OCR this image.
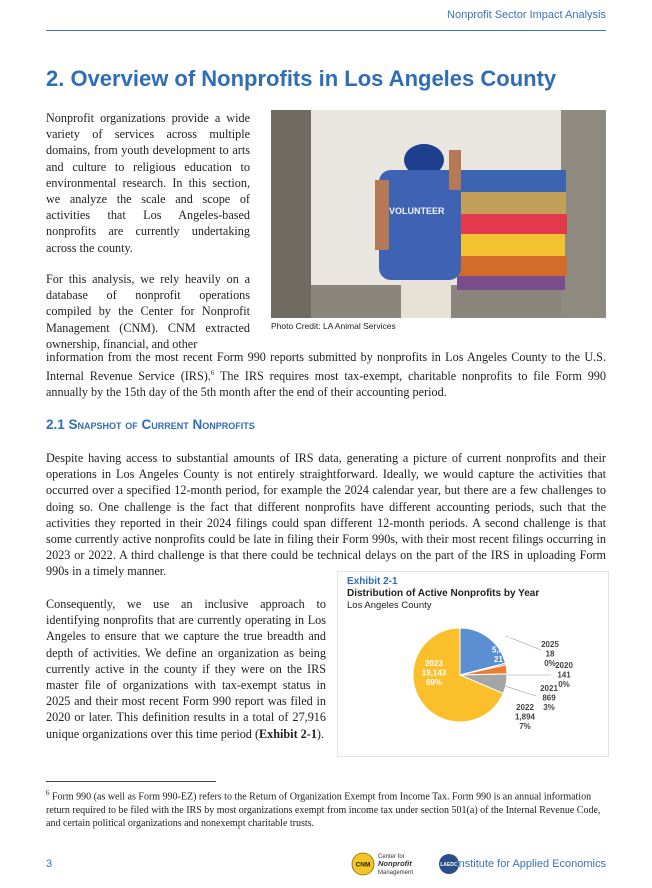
Nonprofit Sector Impact Analysis
2. Overview of Nonprofits in Los Angeles County

Nonprofit organizations provide a wide variety of services across multiple domains, from youth development to arts and culture to religious education to environmental research. In this section, we analyze the scale and scope of activities that Los Angeles-based nonprofits are currently undertaking across the county.

For this analysis, we rely heavily on a database of nonprofit operations compiled by the Center for Nonprofit Management (CNM). CNM extracted ownership, financial, and other

information from the most recent Form 990 reports submitted by nonprofits in Los Angeles County to the U.S. Internal Revenue Service (IRS).$^6$ The IRS requires most tax-exempt, charitable nonprofits to file Form 990 annually by the 15th day of the 5th month after the end of their accounting period.

VOLUNTEER
Photo Credit: LA Animal Services
2.1 Snapshot of Current Nonprofits

Despite having access to substantial amounts of IRS data, generating a picture of current nonprofits and their operations in Los Angeles County is not entirely straightforward. Ideally, we would capture the activities that occurred over a specified 12-month period, for example the 2024 calendar year, but there are a few challenges to doing so. One challenge is the fact that different nonprofits have different accounting periods, such that the activities they reported in their 2024 filings could span different 12-month periods. A second challenge is that some currently active nonprofits could be late in filing their Form 990s, with their most recent filings occurring in 2023 or 2022. A third challenge is that there could be technical delays on the part of the IRS in uploading Form 990s in a timely manner.

Consequently, we use an inclusive approach to identifying nonprofits that are currently operating in Los Angeles to ensure that we capture the true breadth and depth of activities. We define an organization as being currently active in the county if they were on the IRS master file of organizations with tax-exempt status in 2025 and their most recent Form 990 report was filed in 2020 or later. This definition results in a total of 27,916 unique organizations over this time period (Exhibit 2-1).

Exhibit 2-1
Distribution of Active Nonprofits by Year
Los Angeles County
2024 5,851 21%
2025 18 0% 2020 141 0%
2021 869 3%
2022 1,894 7%
2023 19,143 69%

$^6$ Form 990 (as well as Form 990-EZ) refers to the Return of Organization Exempt from Income Tax. Form 990 is an annual information return required to be filed with the IRS by most organizations exempt from income tax under section 501(a) of the Internal Revenue Code, and certain political organizations and nonexempt charitable trusts.

3	CNM
Center for
Nonprofit
Management
LAEDC
Institute for Applied Economics
